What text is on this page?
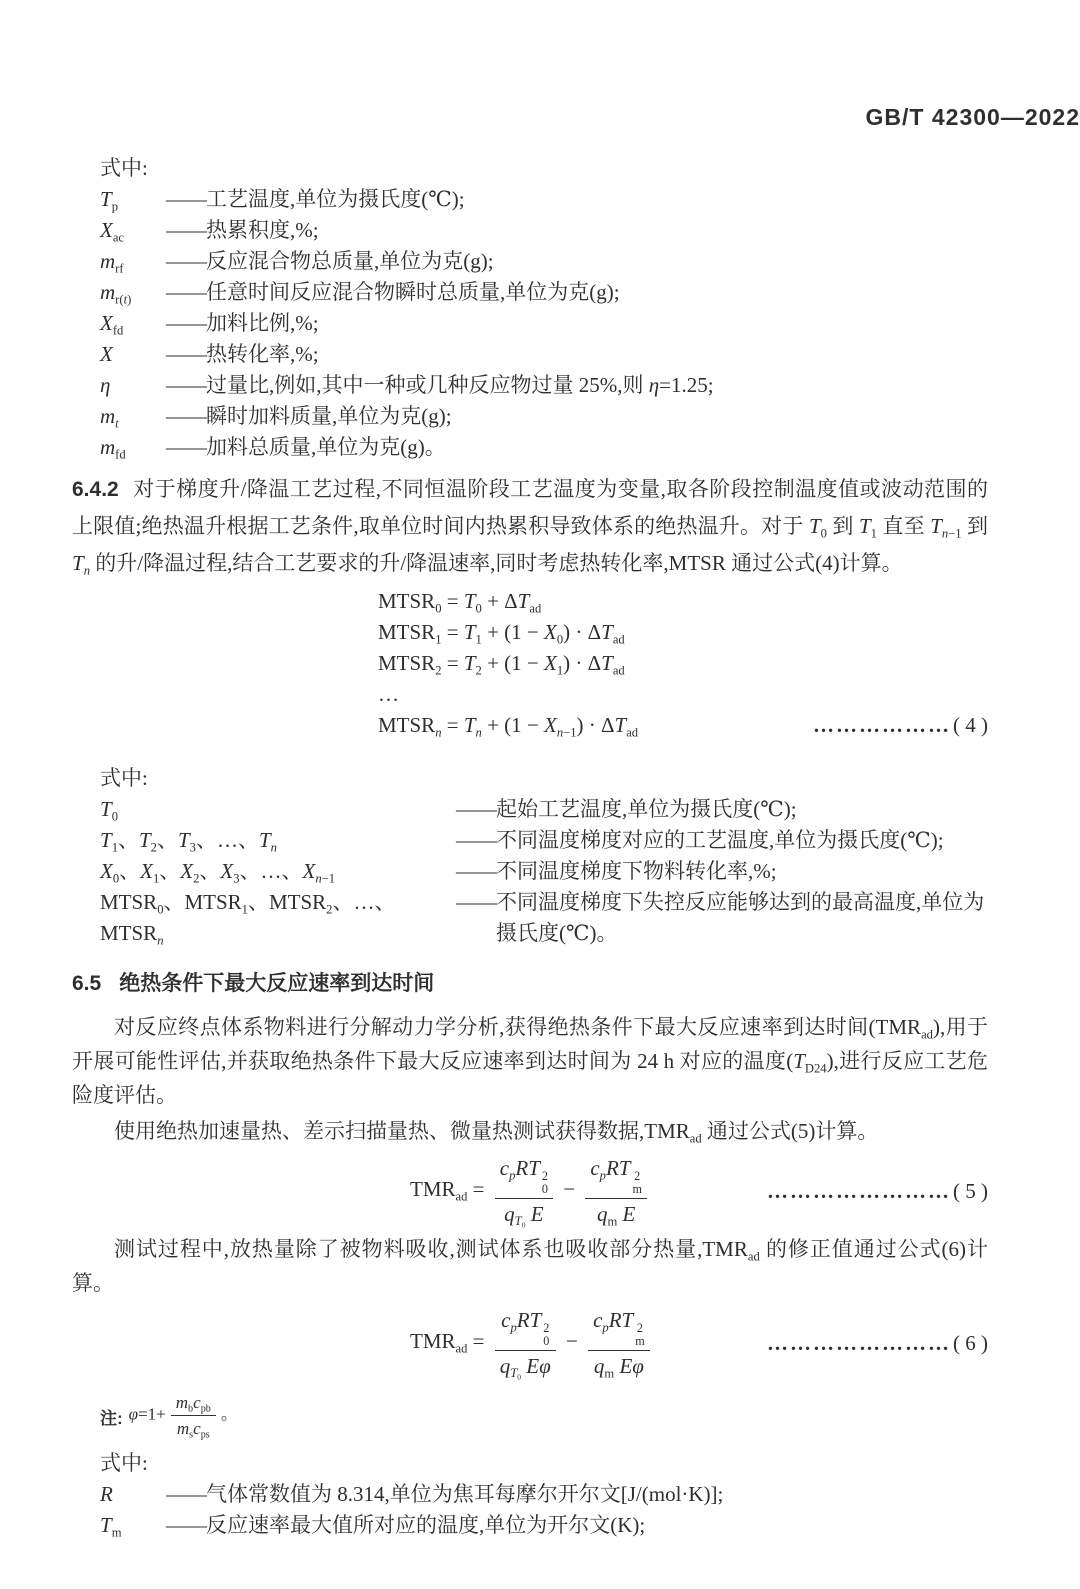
GB/T 42300—2022
式中:
$T_p$	—— 工艺温度,单位为摄氏度(℃);
$X_{ac}$	—— 热累积度,%;
$m_{rf}$	—— 反应混合物总质量,单位为克(g);
$m_{r(t)}$	—— 任意时间反应混合物瞬时总质量,单位为克(g);
$X_{fd}$	—— 加料比例,%;
X	—— 热转化率,%;
η	—— 过量比,例如,其中一种或几种反应物过量 25%,则 η=1.25;
$m_t$	—— 瞬时加料质量,单位为克(g);
$m_{fd}$	—— 加料总质量,单位为克(g)。
6.4.2 对于梯度升/降温工艺过程,不同恒温阶段工艺温度为变量,取各阶段控制温度值或波动范围的上限值;绝热温升根据工艺条件,取单位时间内热累积导致体系的绝热温升。对于 $T_0$ 到 $T_1$ 直至 $T_{n-1}$ 到 $T_n$ 的升/降温过程,结合工艺要求的升/降温速率,同时考虑热转化率,MTSR 通过公式(4)计算。
$MTSR_0 = T_0 + \Delta T_{ad}$
$MTSR_1 = T_1 + (1 - X_0) \cdot \Delta T_{ad}$
$MTSR_2 = T_2 + (1 - X_1) \cdot \Delta T_{ad}$
…
$MTSR_n = T_n + (1 - X_{n-1}) \cdot \Delta T_{ad}$	………………( 4 )
式中:
$T_0$	—— 起始工艺温度,单位为摄氏度(℃);
$T_1$、$T_2$、$T_3$、…、$T_n$	—— 不同温度梯度对应的工艺温度,单位为摄氏度(℃);
$X_0$、$X_1$、$X_2$、$X_3$、…、$X_{n-1}$	—— 不同温度梯度下物料转化率,%;
$MTSR_0$、$MTSR_1$、$MTSR_2$、…、$MTSR_n$
—— 不同温度梯度下失控反应能够达到的最高温度,单位为摄氏度(℃)。
6.5 绝热条件下最大反应速率到达时间
对反应终点体系物料进行分解动力学分析,获得绝热条件下最大反应速率到达时间$(TMR_{ad})$,用于开展可能性评估,并获取绝热条件下最大反应速率到达时间为 24 h 对应的温度$(T_{D24})$,进行反应工艺危险度评估。
使用绝热加速量热、差示扫描量热、微量热测试获得数据$,TMR_{ad}$ 通过公式(5)计算。
$TMR_{ad} = c_pRT$ 2
0
$q_{T_0}$ $E - c_pRT$ 2
m
$q_m$ E	……………………( 5 )
测试过程中,放热量除了被物料吸收,测试体系也吸收部分热量$,TMR_{ad}$ 的修正值通过公式(6)计算。
$TMR_{ad} = c_pRT$ 2
0
$q_{T_0}$ $E\varphi - c_pRT$ 2
m
$q_m$ Eφ	……………………( 6 )
注: $\varphi=1+ \frac{m_bc_{pb}}{m_sc_{ps}}$ 。
式中:
R	—— 气体常数值为 8.314,单位为焦耳每摩尔开尔文[J/(mol·K)];
$T_m$	—— 反应速率最大值所对应的温度,单位为开尔文(K);
